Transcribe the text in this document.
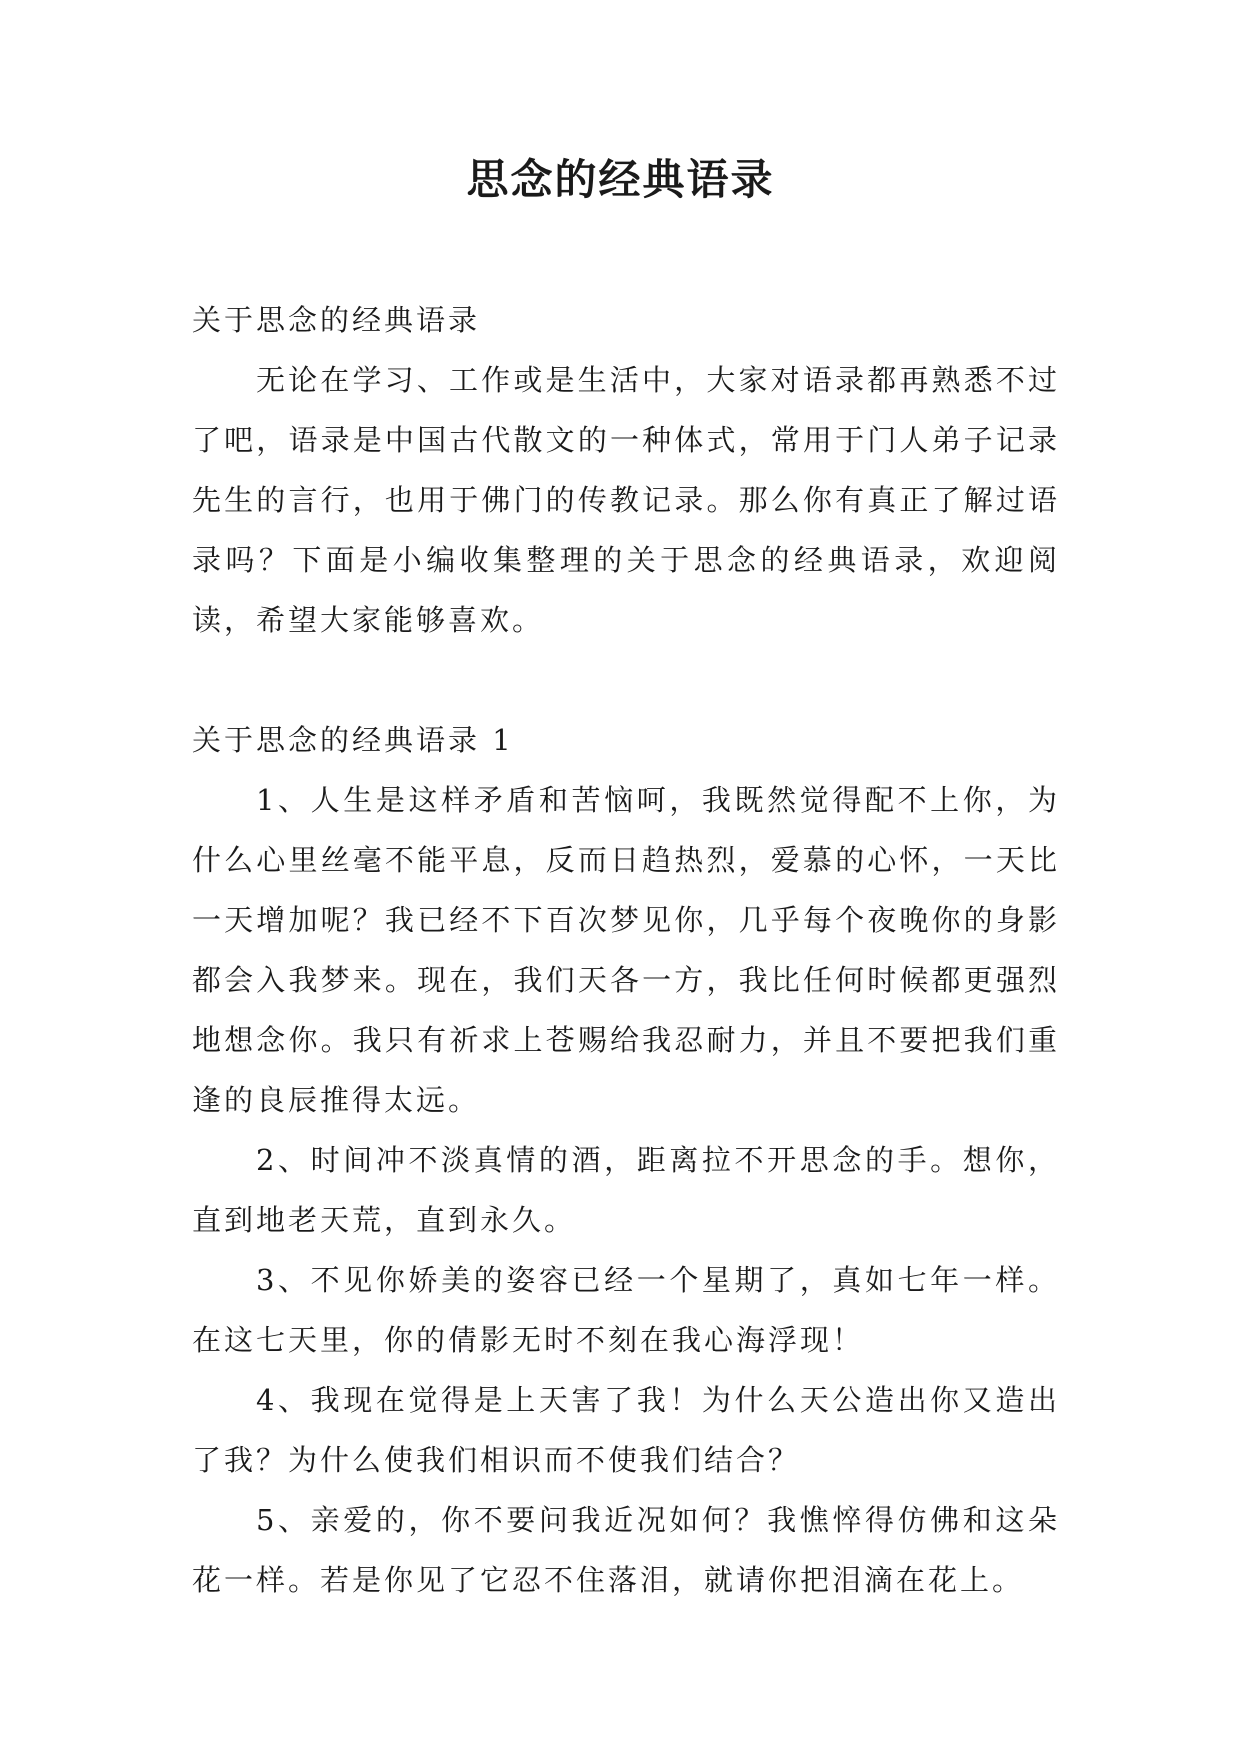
思念的经典语录

关于思念的经典语录

无论在学习、工作或是生活中，大家对语录都再熟悉不过了吧，语录是中国古代散文的一种体式，常用于门人弟子记录先生的言行，也用于佛门的传教记录。那么你有真正了解过语录吗？下面是小编收集整理的关于思念的经典语录，欢迎阅读，希望大家能够喜欢。

关于思念的经典语录 1

1、人生是这样矛盾和苦恼呵，我既然觉得配不上你，为什么心里丝毫不能平息，反而日趋热烈，爱慕的心怀，一天比一天增加呢？我已经不下百次梦见你，几乎每个夜晚你的身影都会入我梦来。现在，我们天各一方，我比任何时候都更强烈地想念你。我只有祈求上苍赐给我忍耐力，并且不要把我们重逢的良辰推得太远。

2、时间冲不淡真情的酒，距离拉不开思念的手。想你，直到地老天荒，直到永久。

3、不见你娇美的姿容已经一个星期了，真如七年一样。在这七天里，你的倩影无时不刻在我心海浮现！

4、我现在觉得是上天害了我！为什么天公造出你又造出了我？为什么使我们相识而不使我们结合？

5、亲爱的，你不要问我近况如何？我憔悴得仿佛和这朵花一样。若是你见了它忍不住落泪，就请你把泪滴在花上。
